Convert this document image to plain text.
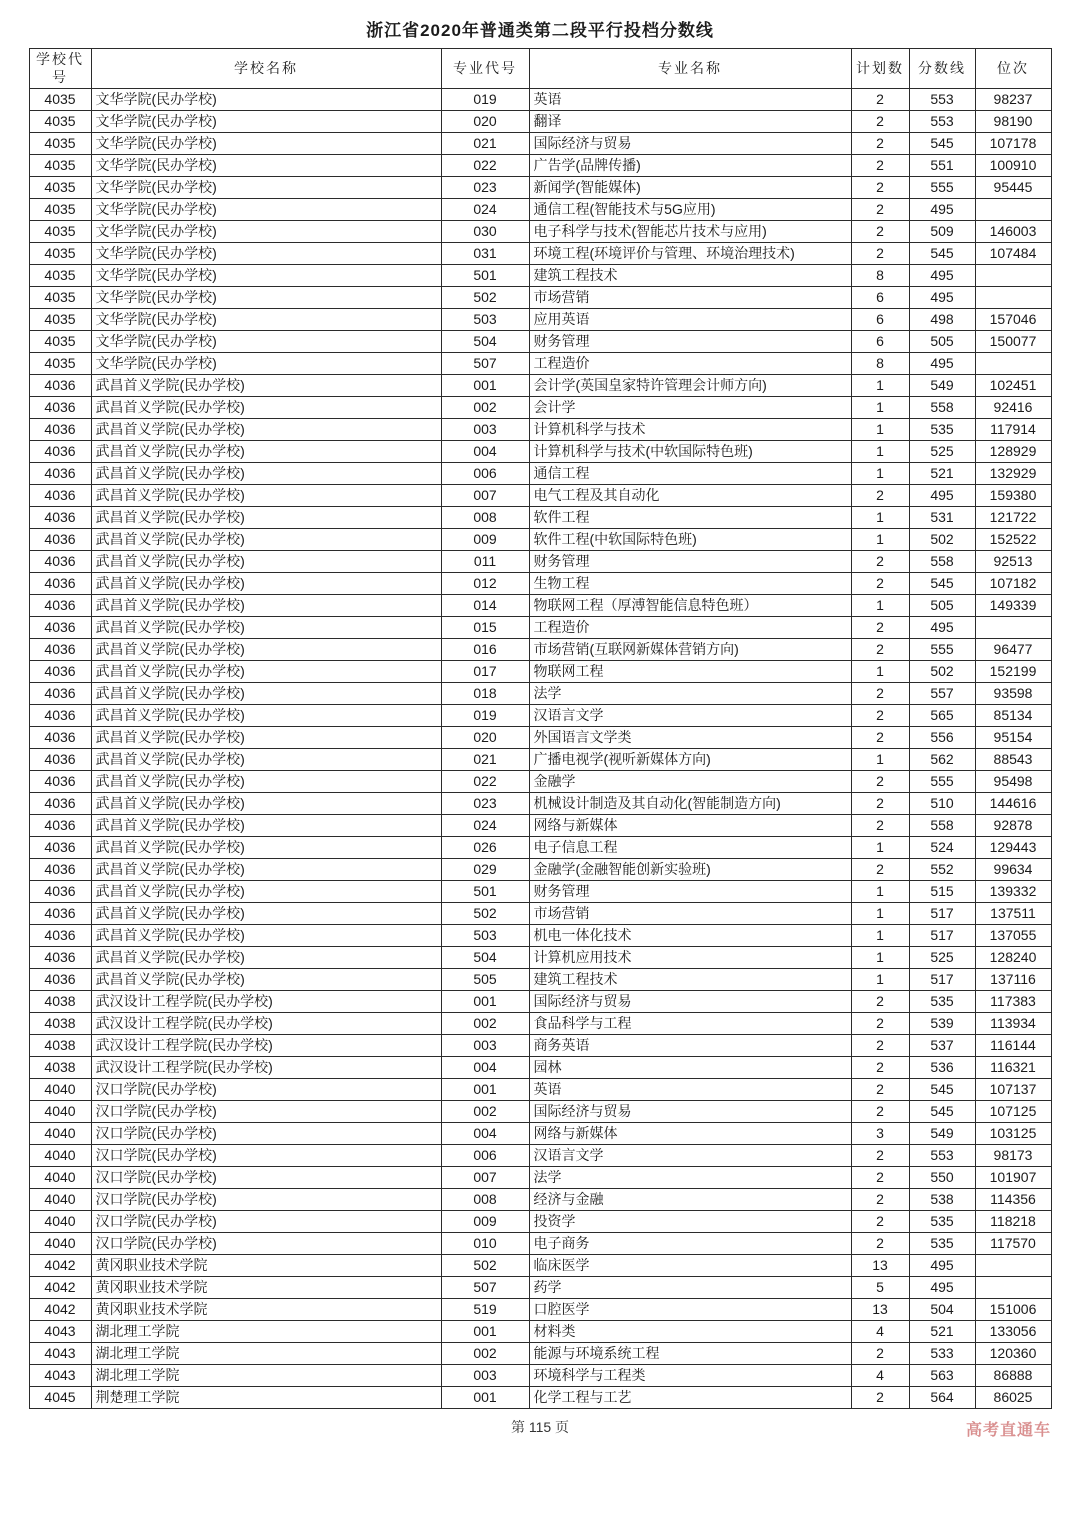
浙江省2020年普通类第二段平行投档分数线
学校代号	学校名称	专业代号	专业名称	计划数	分数线	位次
4035	文华学院(民办学校)	019	英语	2	553	98237
4035	文华学院(民办学校)	020	翻译	2	553	98190
4035	文华学院(民办学校)	021	国际经济与贸易	2	545	107178
4035	文华学院(民办学校)	022	广告学(品牌传播)	2	551	100910
4035	文华学院(民办学校)	023	新闻学(智能媒体)	2	555	95445
4035	文华学院(民办学校)	024	通信工程(智能技术与5G应用)	2	495	
4035	文华学院(民办学校)	030	电子科学与技术(智能芯片技术与应用)	2	509	146003
4035	文华学院(民办学校)	031	环境工程(环境评价与管理、环境治理技术)	2	545	107484
4035	文华学院(民办学校)	501	建筑工程技术	8	495	
4035	文华学院(民办学校)	502	市场营销	6	495	
4035	文华学院(民办学校)	503	应用英语	6	498	157046
4035	文华学院(民办学校)	504	财务管理	6	505	150077
4035	文华学院(民办学校)	507	工程造价	8	495	
4036	武昌首义学院(民办学校)	001	会计学(英国皇家特许管理会计师方向)	1	549	102451
4036	武昌首义学院(民办学校)	002	会计学	1	558	92416
4036	武昌首义学院(民办学校)	003	计算机科学与技术	1	535	117914
4036	武昌首义学院(民办学校)	004	计算机科学与技术(中软国际特色班)	1	525	128929
4036	武昌首义学院(民办学校)	006	通信工程	1	521	132929
4036	武昌首义学院(民办学校)	007	电气工程及其自动化	2	495	159380
4036	武昌首义学院(民办学校)	008	软件工程	1	531	121722
4036	武昌首义学院(民办学校)	009	软件工程(中软国际特色班)	1	502	152522
4036	武昌首义学院(民办学校)	011	财务管理	2	558	92513
4036	武昌首义学院(民办学校)	012	生物工程	2	545	107182
4036	武昌首义学院(民办学校)	014	物联网工程（厚溥智能信息特色班）	1	505	149339
4036	武昌首义学院(民办学校)	015	工程造价	2	495	
4036	武昌首义学院(民办学校)	016	市场营销(互联网新媒体营销方向)	2	555	96477
4036	武昌首义学院(民办学校)	017	物联网工程	1	502	152199
4036	武昌首义学院(民办学校)	018	法学	2	557	93598
4036	武昌首义学院(民办学校)	019	汉语言文学	2	565	85134
4036	武昌首义学院(民办学校)	020	外国语言文学类	2	556	95154
4036	武昌首义学院(民办学校)	021	广播电视学(视听新媒体方向)	1	562	88543
4036	武昌首义学院(民办学校)	022	金融学	2	555	95498
4036	武昌首义学院(民办学校)	023	机械设计制造及其自动化(智能制造方向)	2	510	144616
4036	武昌首义学院(民办学校)	024	网络与新媒体	2	558	92878
4036	武昌首义学院(民办学校)	026	电子信息工程	1	524	129443
4036	武昌首义学院(民办学校)	029	金融学(金融智能创新实验班)	2	552	99634
4036	武昌首义学院(民办学校)	501	财务管理	1	515	139332
4036	武昌首义学院(民办学校)	502	市场营销	1	517	137511
4036	武昌首义学院(民办学校)	503	机电一体化技术	1	517	137055
4036	武昌首义学院(民办学校)	504	计算机应用技术	1	525	128240
4036	武昌首义学院(民办学校)	505	建筑工程技术	1	517	137116
4038	武汉设计工程学院(民办学校)	001	国际经济与贸易	2	535	117383
4038	武汉设计工程学院(民办学校)	002	食品科学与工程	2	539	113934
4038	武汉设计工程学院(民办学校)	003	商务英语	2	537	116144
4038	武汉设计工程学院(民办学校)	004	园林	2	536	116321
4040	汉口学院(民办学校)	001	英语	2	545	107137
4040	汉口学院(民办学校)	002	国际经济与贸易	2	545	107125
4040	汉口学院(民办学校)	004	网络与新媒体	3	549	103125
4040	汉口学院(民办学校)	006	汉语言文学	2	553	98173
4040	汉口学院(民办学校)	007	法学	2	550	101907
4040	汉口学院(民办学校)	008	经济与金融	2	538	114356
4040	汉口学院(民办学校)	009	投资学	2	535	118218
4040	汉口学院(民办学校)	010	电子商务	2	535	117570
4042	黄冈职业技术学院	502	临床医学	13	495	
4042	黄冈职业技术学院	507	药学	5	495	
4042	黄冈职业技术学院	519	口腔医学	13	504	151006
4043	湖北理工学院	001	材料类	4	521	133056
4043	湖北理工学院	002	能源与环境系统工程	2	533	120360
4043	湖北理工学院	003	环境科学与工程类	4	563	86888
4045	荆楚理工学院	001	化学工程与工艺	2	564	86025
第 115 页	高考直通车
